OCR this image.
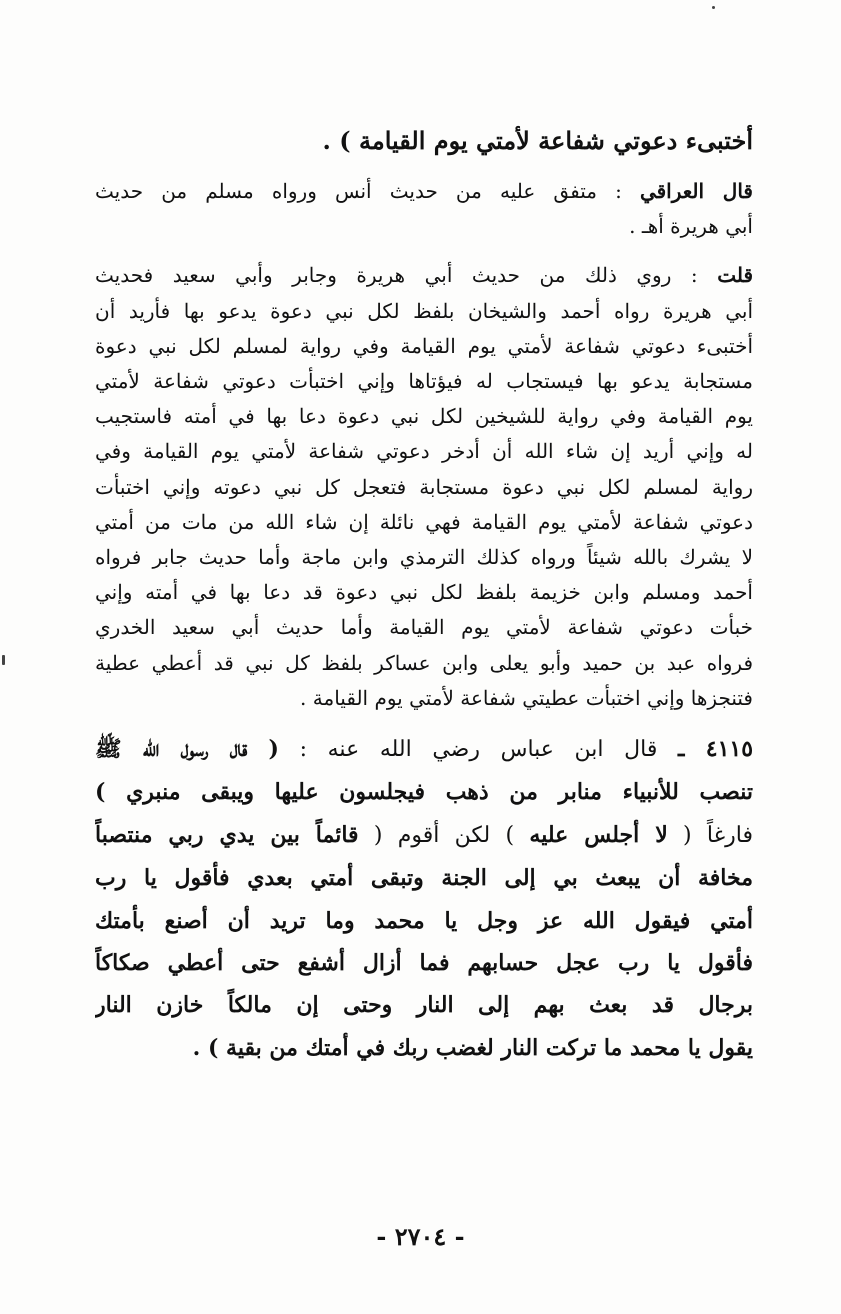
أختبىء دعوتي شفاعة لأمتي يوم القيامة ) .
قال العراقي : متفق عليه من حديث أنس ورواه مسلم من حديث
أبي هريرة أهـ .
قلت : روي ذلك من حديث أبي هريرة وجابر وأبي سعيد فحديث
أبي هريرة رواه أحمد والشيخان بلفظ لكل نبي دعوة يدعو بها فأريد أن
أختبىء دعوتي شفاعة لأمتي يوم القيامة وفي رواية لمسلم لكل نبي دعوة
مستجابة يدعو بها فيستجاب له فيؤتاها وإني اختبأت دعوتي شفاعة لأمتي
يوم القيامة وفي رواية للشيخين لكل نبي دعوة دعا بها في أمته فاستجيب
له وإني أريد إن شاء الله أن أدخر دعوتي شفاعة لأمتي يوم القيامة وفي
رواية لمسلم لكل نبي دعوة مستجابة فتعجل كل نبي دعوته وإني اختبأت
دعوتي شفاعة لأمتي يوم القيامة فهي نائلة إن شاء الله من مات من أمتي
لا يشرك بالله شيئاً ورواه كذلك الترمذي وابن ماجة وأما حديث جابر فرواه
أحمد ومسلم وابن خزيمة بلفظ لكل نبي دعوة قد دعا بها في أمته وإني
خبأت دعوتي شفاعة لأمتي يوم القيامة وأما حديث أبي سعيد الخدري
فرواه عبد بن حميد وأبو يعلى وابن عساكر بلفظ كل نبي قد أعطي عطية
فتنجزها وإني اختبأت عطيتي شفاعة لأمتي يوم القيامة .
٤١١٥ ـ قال ابن عباس رضي الله عنه : ( قال رسول الله ﷺ
تنصب للأنبياء منابر من ذهب فيجلسون عليها ويبقى منبري )
فارغاً ( لا أجلس عليه ) لكن أقوم ( قائماً بين يدي ربي منتصباً
مخافة أن يبعث بي إلى الجنة وتبقى أمتي بعدي فأقول يا رب
أمتي فيقول الله عز وجل يا محمد وما تريد أن أصنع بأمتك
فأقول يا رب عجل حسابهم فما أزال أشفع حتى أعطي صكاكاً
برجال قد بعث بهم إلى النار وحتى إن مالكاً خازن النار
يقول يا محمد ما تركت النار لغضب ربك في أمتك من بقية ) .
- ٢٧٠٤ -
